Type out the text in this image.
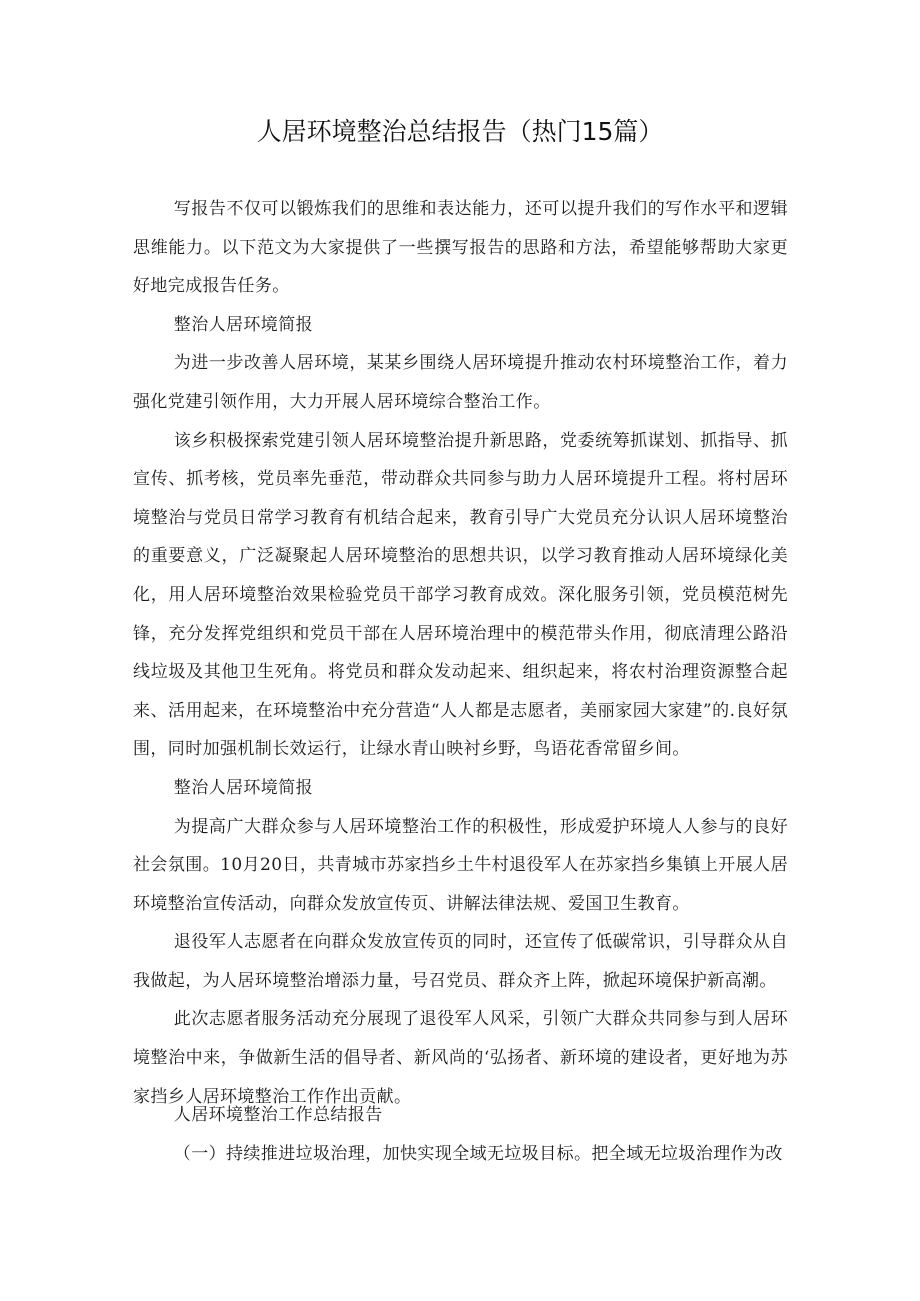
人居环境整治总结报告（热门15篇）

写报告不仅可以锻炼我们的思维和表达能力，还可以提升我们的写作水平和逻辑思维能力。以下范文为大家提供了一些撰写报告的思路和方法，希望能够帮助大家更好地完成报告任务。

整治人居环境简报

为进一步改善人居环境，某某乡围绕人居环境提升推动农村环境整治工作，着力强化党建引领作用，大力开展人居环境综合整治工作。

该乡积极探索党建引领人居环境整治提升新思路，党委统筹抓谋划、抓指导、抓宣传、抓考核，党员率先垂范，带动群众共同参与助力人居环境提升工程。将村居环境整治与党员日常学习教育有机结合起来，教育引导广大党员充分认识人居环境整治的重要意义，广泛凝聚起人居环境整治的思想共识，以学习教育推动人居环境绿化美化，用人居环境整治效果检验党员干部学习教育成效。深化服务引领，党员模范树先锋，充分发挥党组织和党员干部在人居环境治理中的模范带头作用，彻底清理公路沿线垃圾及其他卫生死角。将党员和群众发动起来、组织起来，将农村治理资源整合起来、活用起来，在环境整治中充分营造“人人都是志愿者，美丽家园大家建”的.良好氛围，同时加强机制长效运行，让绿水青山映衬乡野，鸟语花香常留乡间。

整治人居环境简报

为提高广大群众参与人居环境整治工作的积极性，形成爱护环境人人参与的良好社会氛围。10月20日，共青城市苏家挡乡土牛村退役军人在苏家挡乡集镇上开展人居环境整治宣传活动，向群众发放宣传页、讲解法律法规、爱国卫生教育。

退役军人志愿者在向群众发放宣传页的同时，还宣传了低碳常识，引导群众从自我做起，为人居环境整治增添力量，号召党员、群众齐上阵，掀起环境保护新高潮。

此次志愿者服务活动充分展现了退役军人风采，引领广大群众共同参与到人居环境整治中来，争做新生活的倡导者、新风尚的‘弘扬者、新环境的建设者，更好地为苏家挡乡人居环境整治工作作出贡献。

人居环境整治工作总结报告

（一）持续推进垃圾治理，加快实现全域无垃圾目标。把全域无垃圾治理作为改
